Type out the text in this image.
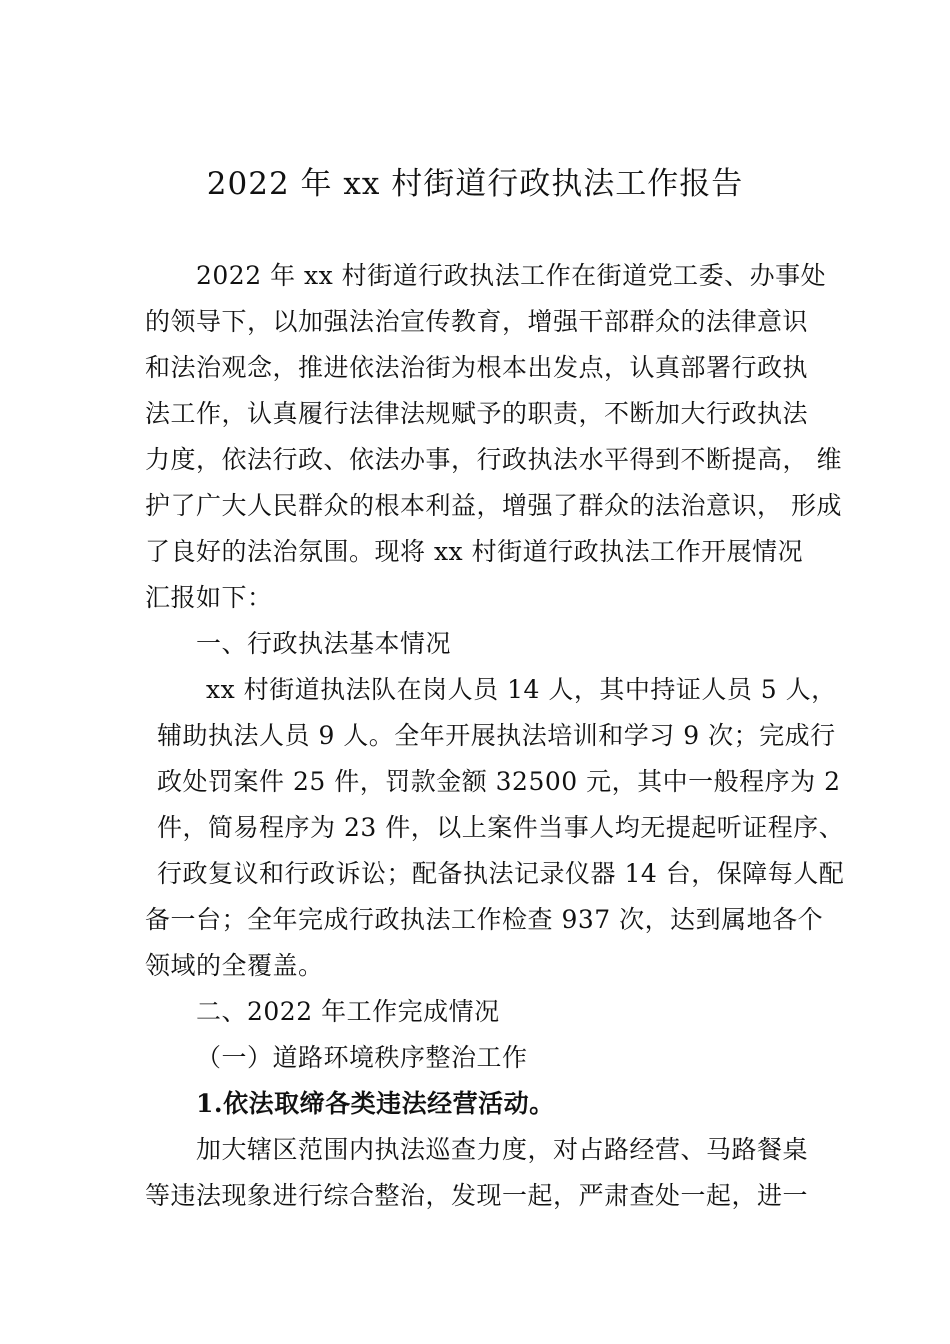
2022 年 xx 村街道行政执法工作报告
2022 年 xx 村街道行政执法工作在街道党工委、办事处
的领导下，以加强法治宣传教育，增强干部群众的法律意识
和法治观念，推进依法治街为根本出发点，认真部署行政执
法工作，认真履行法律法规赋予的职责，不断加大行政执法
力度，依法行政、依法办事，行政执法水平得到不断提高， 维
护了广大人民群众的根本利益，增强了群众的法治意识， 形成
了良好的法治氛围。现将 xx 村街道行政执法工作开展情况
汇报如下：
一、行政执法基本情况
xx 村街道执法队在岗人员 14 人，其中持证人员 5 人，
辅助执法人员 9 人。全年开展执法培训和学习 9 次；完成行
政处罚案件 25 件，罚款金额 32500 元，其中一般程序为 2
件，简易程序为 23 件，以上案件当事人均无提起听证程序、
行政复议和行政诉讼；配备执法记录仪器 14 台，保障每人配
备一台；全年完成行政执法工作检查 937 次，达到属地各个
领域的全覆盖。
二、2022 年工作完成情况
（一）道路环境秩序整治工作
1.依法取缔各类违法经营活动。
加大辖区范围内执法巡查力度，对占路经营、马路餐桌
等违法现象进行综合整治，发现一起，严肃查处一起，进一
